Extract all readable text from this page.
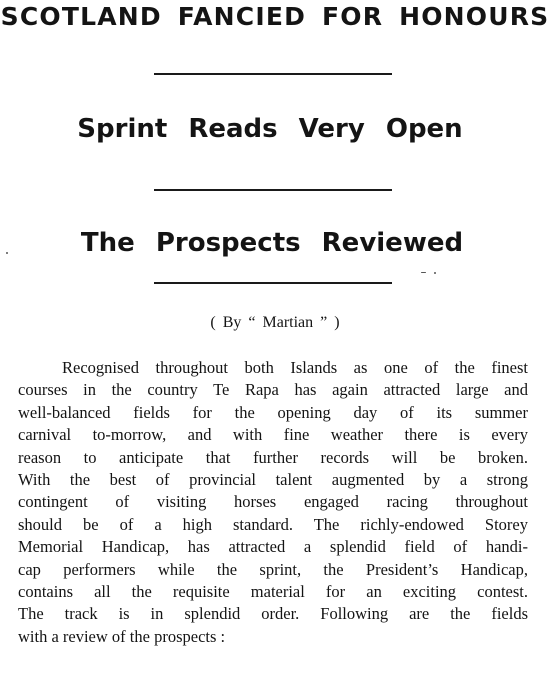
SCOTLAND FANCIED FOR HONOURS
Sprint Reads Very Open
The Prospects Reviewed
( By “ Martian ” )
Recognised throughout both Islands as one of the finest
courses in the country Te Rapa has again attracted large and
well-balanced fields for the opening day of its summer
carnival to-morrow, and with fine weather there is every
reason to anticipate that further records will be broken.
With the best of provincial talent augmented by a strong
contingent of visiting horses engaged racing throughout
should be of a high standard. The richly-endowed Storey
Memorial Handicap, has attracted a splendid field of handi-
cap performers while the sprint, the President’s Handicap,
contains all the requisite material for an exciting contest.
The track is in splendid order. Following are the fields
with a review of the prospects :
